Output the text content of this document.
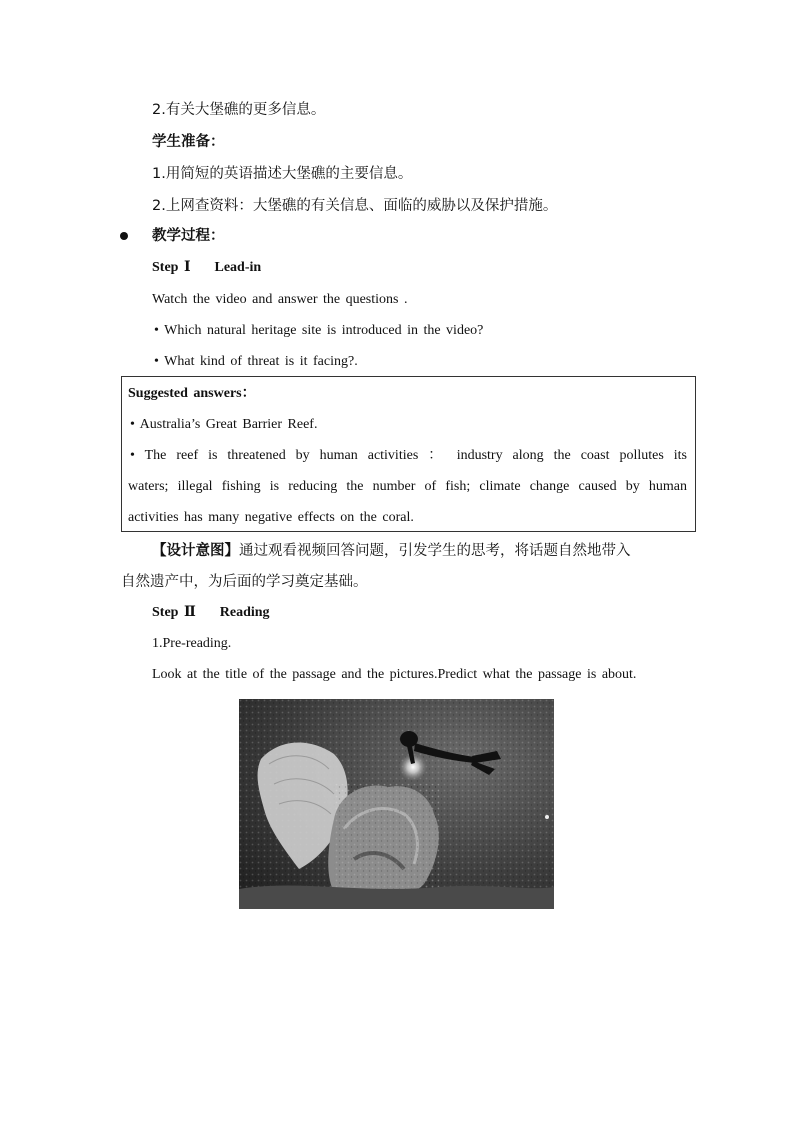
2.有关大堡礁的更多信息。
学生准备：
1.用简短的英语描述大堡礁的主要信息。
2.上网查资料：大堡礁的有关信息、面临的威胁以及保护措施。
教学过程：
Step Ⅰ Lead-in
Watch the video and answer the questions .
• Which natural heritage site is introduced in the video?
• What kind of threat is it facing?.
Suggested answers：
• Australia’s Great Barrier Reef.
• The reef is threatened by human activities ： industry along the coast pollutes its
waters; illegal fishing is reducing the number of fish; climate change caused by human
activities has many negative effects on the coral.
【设计意图】通过观看视频回答问题，引发学生的思考，将话题自然地带入
自然遗产中，为后面的学习奠定基础。
Step Ⅱ Reading
1.Pre-reading.
Look at the title of the passage and the pictures.Predict what the passage is about.
